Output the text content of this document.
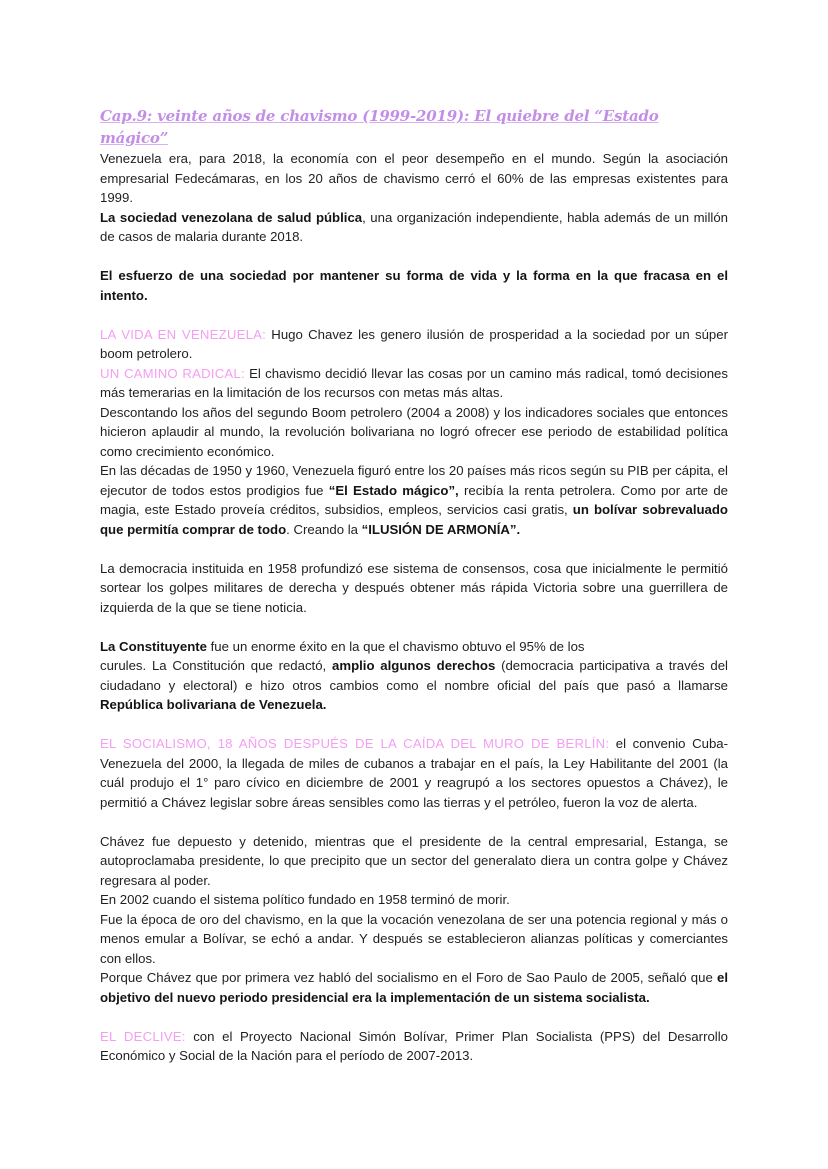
Cap.9: veinte años de chavismo (1999-2019): El quiebre del “Estado mágico”

Venezuela era, para 2018, la economía con el peor desempeño en el mundo. Según la asociación empresarial Fedecámaras, en los 20 años de chavismo cerró el 60% de las empresas existentes para 1999.

La sociedad venezolana de salud pública, una organización independiente, habla además de un millón de casos de malaria durante 2018.

El esfuerzo de una sociedad por mantener su forma de vida y la forma en la que fracasa en el intento.

LA VIDA EN VENEZUELA: Hugo Chavez les genero ilusión de prosperidad a la sociedad por un súper boom petrolero.

UN CAMINO RADICAL: El chavismo decidió llevar las cosas por un camino más radical, tomó decisiones más temerarias en la limitación de los recursos con metas más altas.

Descontando los años del segundo Boom petrolero (2004 a 2008) y los indicadores sociales que entonces hicieron aplaudir al mundo, la revolución bolivariana no logró ofrecer ese periodo de estabilidad política como crecimiento económico.

En las décadas de 1950 y 1960, Venezuela figuró entre los 20 países más ricos según su PIB per cápita, el ejecutor de todos estos prodigios fue “El Estado mágico”, recibía la renta petrolera. Como por arte de magia, este Estado proveía créditos, subsidios, empleos, servicios casi gratis, un bolívar sobrevaluado que permitía comprar de todo. Creando la “ILUSIÓN DE ARMONÍA”.

La democracia instituida en 1958 profundizó ese sistema de consensos, cosa que inicialmente le permitió sortear los golpes militares de derecha y después obtener más rápida Victoria sobre una guerrillera de izquierda de la que se tiene noticia.

La Constituyente fue un enorme éxito en la que el chavismo obtuvo el 95% de los

curules. La Constitución que redactó, amplio algunos derechos (democracia participativa a través del ciudadano y electoral) e hizo otros cambios como el nombre oficial del país que pasó a llamarse República bolivariana de Venezuela.

EL SOCIALISMO, 18 AÑOS DESPUÉS DE LA CAÍDA DEL MURO DE BERLÍN: el convenio Cuba-Venezuela del 2000, la llegada de miles de cubanos a trabajar en el país, la Ley Habilitante del 2001 (la cuál produjo el 1° paro cívico en diciembre de 2001 y reagrupó a los sectores opuestos a Chávez), le permitió a Chávez legislar sobre áreas sensibles como las tierras y el petróleo, fueron la voz de alerta.

Chávez fue depuesto y detenido, mientras que el presidente de la central empresarial, Estanga, se autoproclamaba presidente, lo que precipito que un sector del generalato diera un contra golpe y Chávez regresara al poder.

En 2002 cuando el sistema político fundado en 1958 terminó de morir.

Fue la época de oro del chavismo, en la que la vocación venezolana de ser una potencia regional y más o menos emular a Bolívar, se echó a andar. Y después se establecieron alianzas políticas y comerciantes con ellos.

Porque Chávez que por primera vez habló del socialismo en el Foro de Sao Paulo de 2005, señaló que el objetivo del nuevo periodo presidencial era la implementación de un sistema socialista.

EL DECLIVE: con el Proyecto Nacional Simón Bolívar, Primer Plan Socialista (PPS) del Desarrollo Económico y Social de la Nación para el período de 2007-2013.
